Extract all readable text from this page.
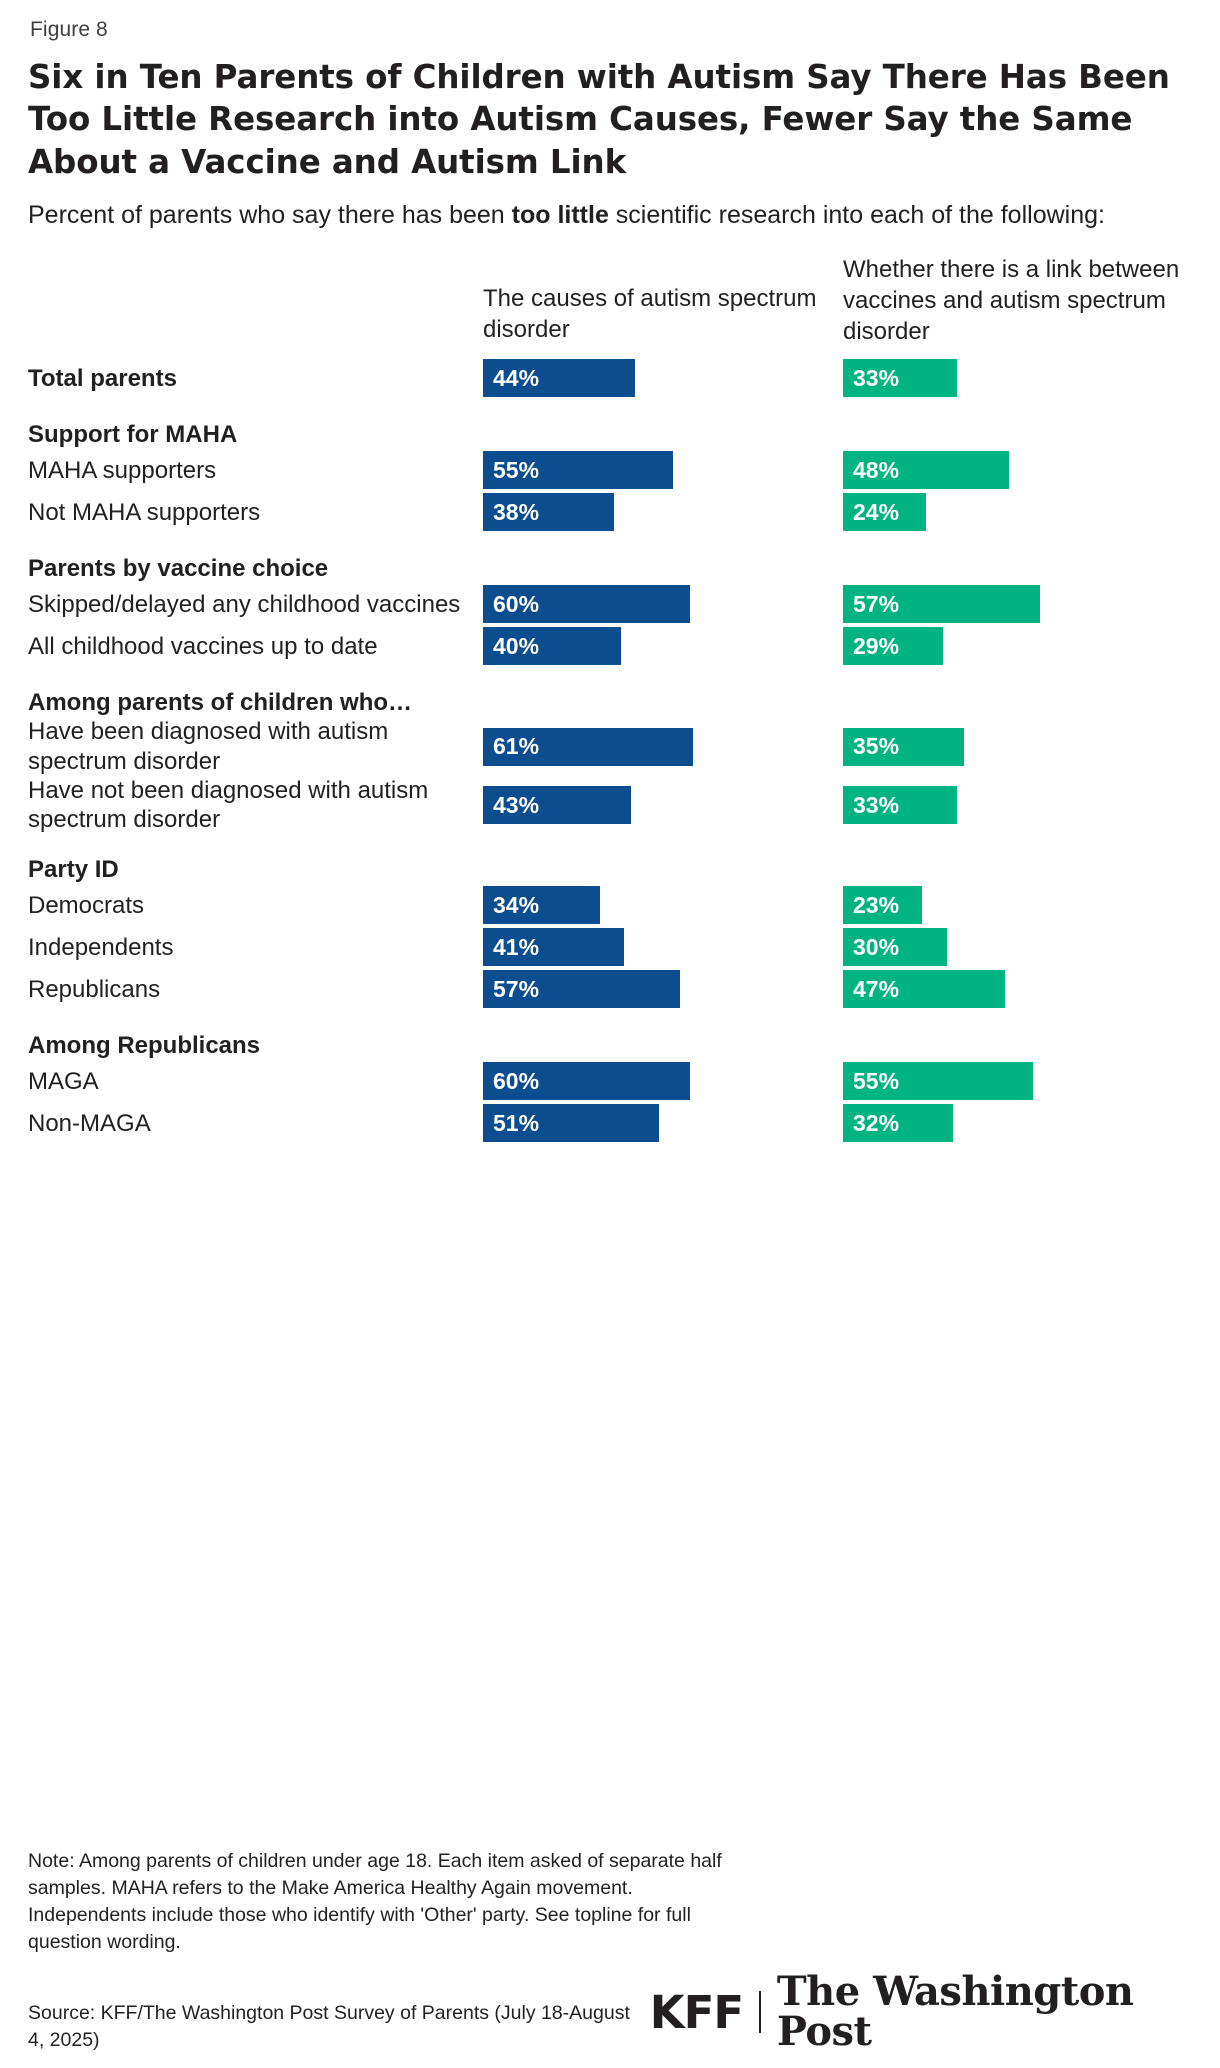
Figure 8
Six in Ten Parents of Children with Autism Say There Has Been Too Little Research into Autism Causes, Fewer Say the Same About a Vaccine and Autism Link
Percent of parents who say there has been too little scientific research into each of the following:
The causes of autism spectrum disorder
Whether there is a link between vaccines and autism spectrum disorder
Total parents	44%	33%
Support for MAHA
MAHA supporters	55%	48%
Not MAHA supporters	38%	24%
Parents by vaccine choice
Skipped/delayed any childhood vaccines	60%	57%
All childhood vaccines up to date	40%	29%
Among parents of children who…
Have been diagnosed with autism spectrum disorder
61%	35%
Have not been diagnosed with autism spectrum disorder
43%	33%
Party ID
Democrats	34%	23%
Independents	41%	30%
Republicans	57%	47%
Among Republicans
MAGA	60%	55%
Non-MAGA	51%	32%
Note: Among parents of children under age 18. Each item asked of separate half samples. MAHA refers to the Make America Healthy Again movement. Independents include those who identify with 'Other' party. See topline for full question wording.
Source: KFF/The Washington Post Survey of Parents (July 18-August 4, 2025)
KFF The Washington Post
